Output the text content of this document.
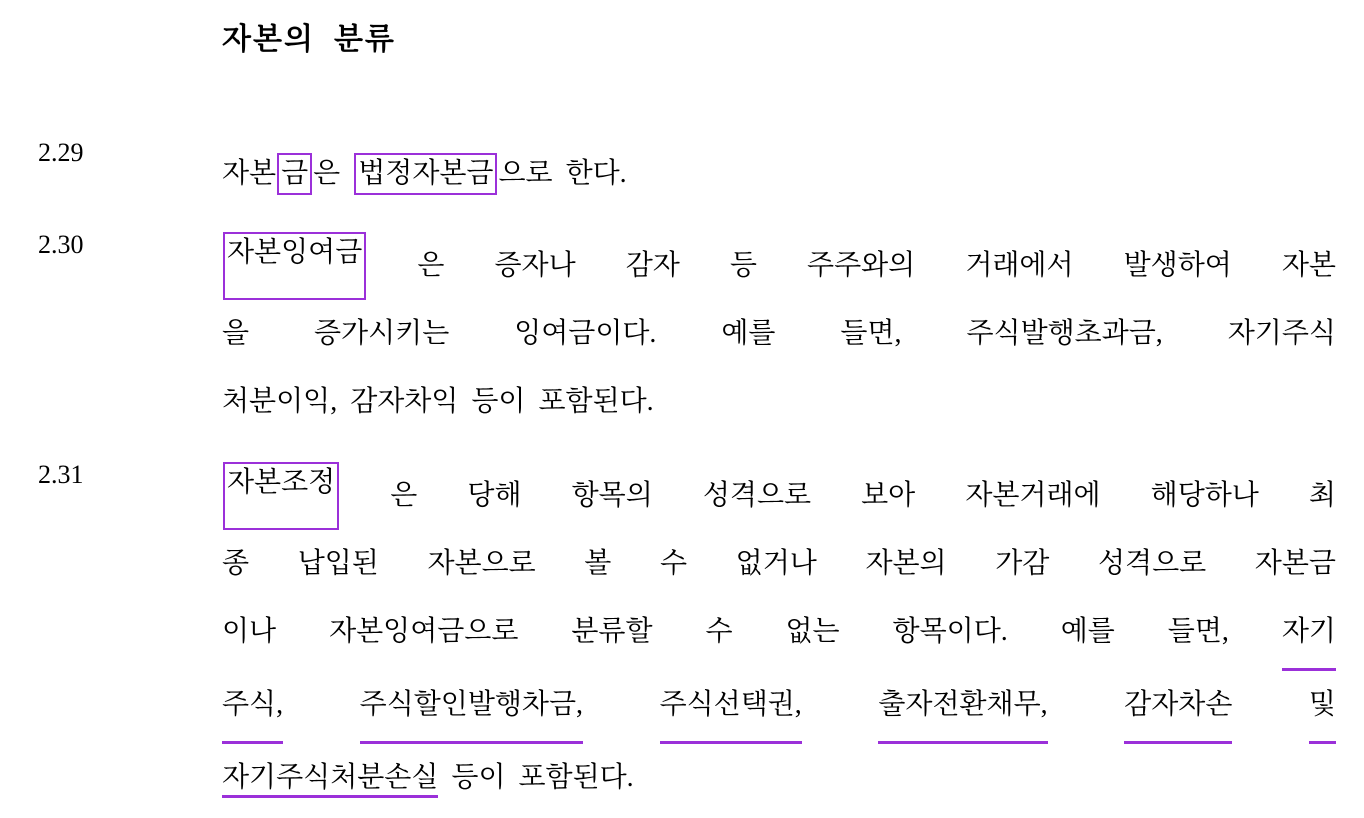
자본의  분류
2.29
자본 금 은 법정자본금 으로 한다.
2.30	자본잉여금 은 증자나 감자 등 주주와의 거래에서 발생하여 자본
을 증가시키는 잉여금이다. 예를 들면, 주식발행초과금, 자기주식
처분이익, 감자차익 등이 포함된다.
2.31	자본조정 은 당해 항목의 성격으로 보아 자본거래에 해당하나 최
종 납입된 자본으로 볼 수 없거나 자본의 가감 성격으로 자본금
이나 자본잉여금으로 분류할 수 없는 항목이다. 예를 들면, 자기
주식,	주식할인발행차금,	주식선택권,	출자전환채무,	감자차손	및
자기주식처분손실 등이 포함된다.
